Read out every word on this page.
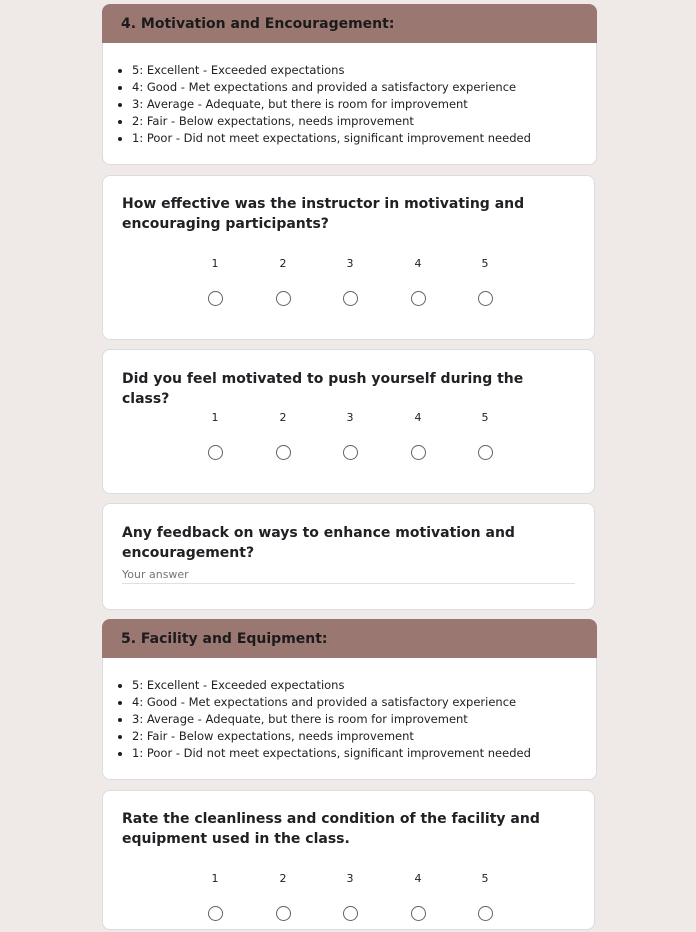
4. Motivation and Encouragement:
• 5: Excellent - Exceeded expectations
• 4: Good - Met expectations and provided a satisfactory experience
• 3: Average - Adequate, but there is room for improvement
• 2: Fair - Below expectations, needs improvement
• 1: Poor - Did not meet expectations, significant improvement needed
How effective was the instructor in motivating and encouraging participants?
1	2	3	4	5
Did you feel motivated to push yourself during the class?
1	2	3	4	5
Any feedback on ways to enhance motivation and encouragement?
Your answer
5. Facility and Equipment:
• 5: Excellent - Exceeded expectations
• 4: Good - Met expectations and provided a satisfactory experience
• 3: Average - Adequate, but there is room for improvement
• 2: Fair - Below expectations, needs improvement
• 1: Poor - Did not meet expectations, significant improvement needed
Rate the cleanliness and condition of the facility and equipment used in the class.
1	2	3	4	5
